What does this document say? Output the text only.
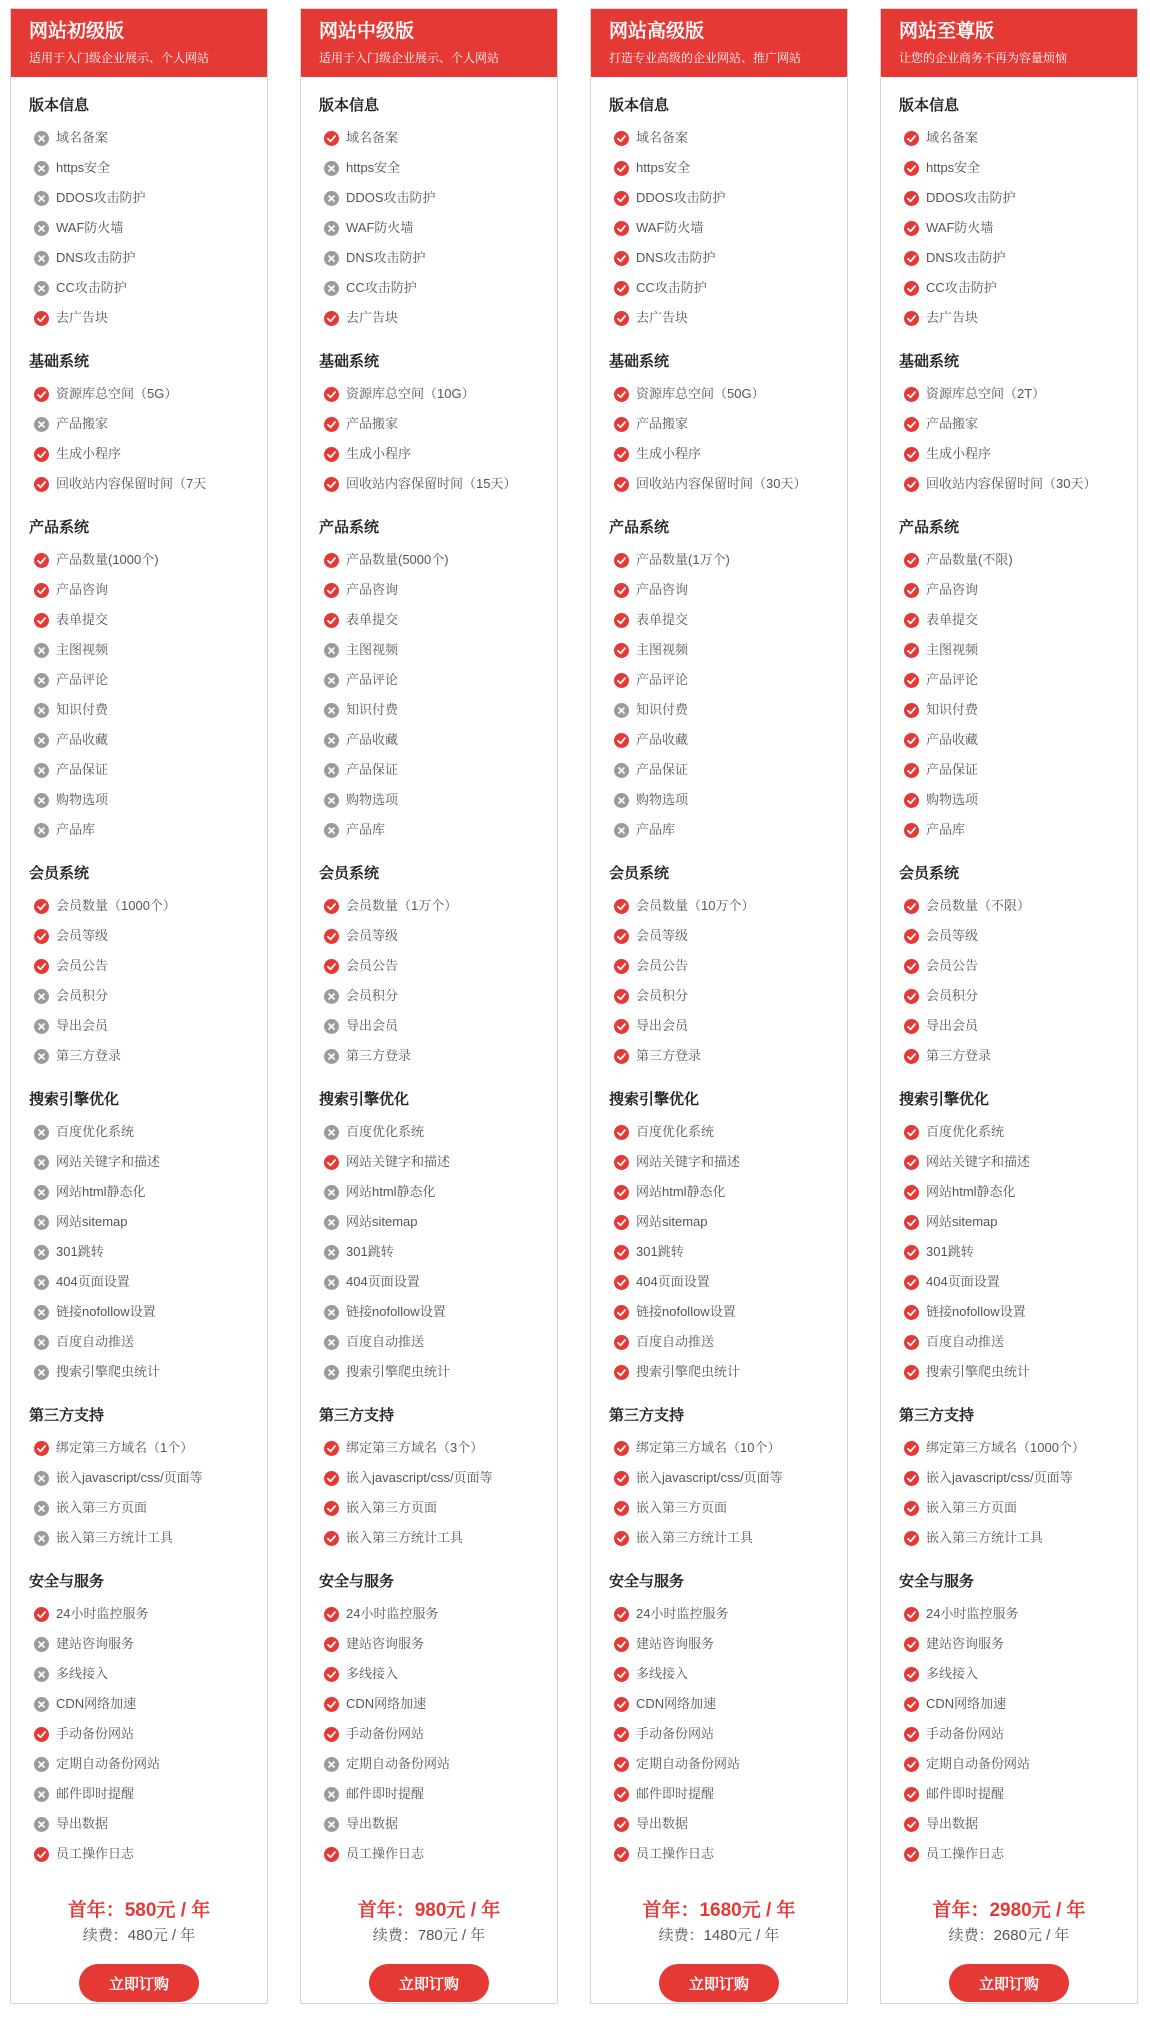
网站初级版
适用于入门级企业展示、个人网站
版本信息
域名备案
https安全
DDOS攻击防护
WAF防火墙
DNS攻击防护
CC攻击防护
去广告块
基础系统
资源库总空间（5G）
产品搬家
生成小程序
回收站内容保留时间（7天
产品系统
产品数量(1000个)
产品咨询
表单提交
主图视频
产品评论
知识付费
产品收藏
产品保证
购物选项
产品库
会员系统
会员数量（1000个）
会员等级
会员公告
会员积分
导出会员
第三方登录
搜索引擎优化
百度优化系统
网站关键字和描述
网站html静态化
网站sitemap
301跳转
404页面设置
链接nofollow设置
百度自动推送
搜索引擎爬虫统计
第三方支持
绑定第三方域名（1个）
嵌入javascript/css/页面等
嵌入第三方页面
嵌入第三方统计工具
安全与服务
24小时监控服务
建站咨询服务
多线接入
CDN网络加速
手动备份网站
定期自动备份网站
邮件即时提醒
导出数据
员工操作日志
首年：580元 / 年
续费：480元 / 年
立即订购
网站中级版
适用于入门级企业展示、个人网站
版本信息
域名备案
https安全
DDOS攻击防护
WAF防火墙
DNS攻击防护
CC攻击防护
去广告块
基础系统
资源库总空间（10G）
产品搬家
生成小程序
回收站内容保留时间（15天）
产品系统
产品数量(5000个)
产品咨询
表单提交
主图视频
产品评论
知识付费
产品收藏
产品保证
购物选项
产品库
会员系统
会员数量（1万个）
会员等级
会员公告
会员积分
导出会员
第三方登录
搜索引擎优化
百度优化系统
网站关键字和描述
网站html静态化
网站sitemap
301跳转
404页面设置
链接nofollow设置
百度自动推送
搜索引擎爬虫统计
第三方支持
绑定第三方域名（3个）
嵌入javascript/css/页面等
嵌入第三方页面
嵌入第三方统计工具
安全与服务
24小时监控服务
建站咨询服务
多线接入
CDN网络加速
手动备份网站
定期自动备份网站
邮件即时提醒
导出数据
员工操作日志
首年：980元 / 年
续费：780元 / 年
立即订购
网站高级版
打造专业高级的企业网站、推广网站
版本信息
域名备案
https安全
DDOS攻击防护
WAF防火墙
DNS攻击防护
CC攻击防护
去广告块
基础系统
资源库总空间（50G）
产品搬家
生成小程序
回收站内容保留时间（30天）
产品系统
产品数量(1万个)
产品咨询
表单提交
主图视频
产品评论
知识付费
产品收藏
产品保证
购物选项
产品库
会员系统
会员数量（10万个）
会员等级
会员公告
会员积分
导出会员
第三方登录
搜索引擎优化
百度优化系统
网站关键字和描述
网站html静态化
网站sitemap
301跳转
404页面设置
链接nofollow设置
百度自动推送
搜索引擎爬虫统计
第三方支持
绑定第三方域名（10个）
嵌入javascript/css/页面等
嵌入第三方页面
嵌入第三方统计工具
安全与服务
24小时监控服务
建站咨询服务
多线接入
CDN网络加速
手动备份网站
定期自动备份网站
邮件即时提醒
导出数据
员工操作日志
首年：1680元 / 年
续费：1480元 / 年
立即订购
网站至尊版
让您的企业商务不再为容量烦恼
版本信息
域名备案
https安全
DDOS攻击防护
WAF防火墙
DNS攻击防护
CC攻击防护
去广告块
基础系统
资源库总空间（2T）
产品搬家
生成小程序
回收站内容保留时间（30天）
产品系统
产品数量(不限)
产品咨询
表单提交
主图视频
产品评论
知识付费
产品收藏
产品保证
购物选项
产品库
会员系统
会员数量（不限）
会员等级
会员公告
会员积分
导出会员
第三方登录
搜索引擎优化
百度优化系统
网站关键字和描述
网站html静态化
网站sitemap
301跳转
404页面设置
链接nofollow设置
百度自动推送
搜索引擎爬虫统计
第三方支持
绑定第三方域名（1000个）
嵌入javascript/css/页面等
嵌入第三方页面
嵌入第三方统计工具
安全与服务
24小时监控服务
建站咨询服务
多线接入
CDN网络加速
手动备份网站
定期自动备份网站
邮件即时提醒
导出数据
员工操作日志
首年：2980元 / 年
续费：2680元 / 年
立即订购
